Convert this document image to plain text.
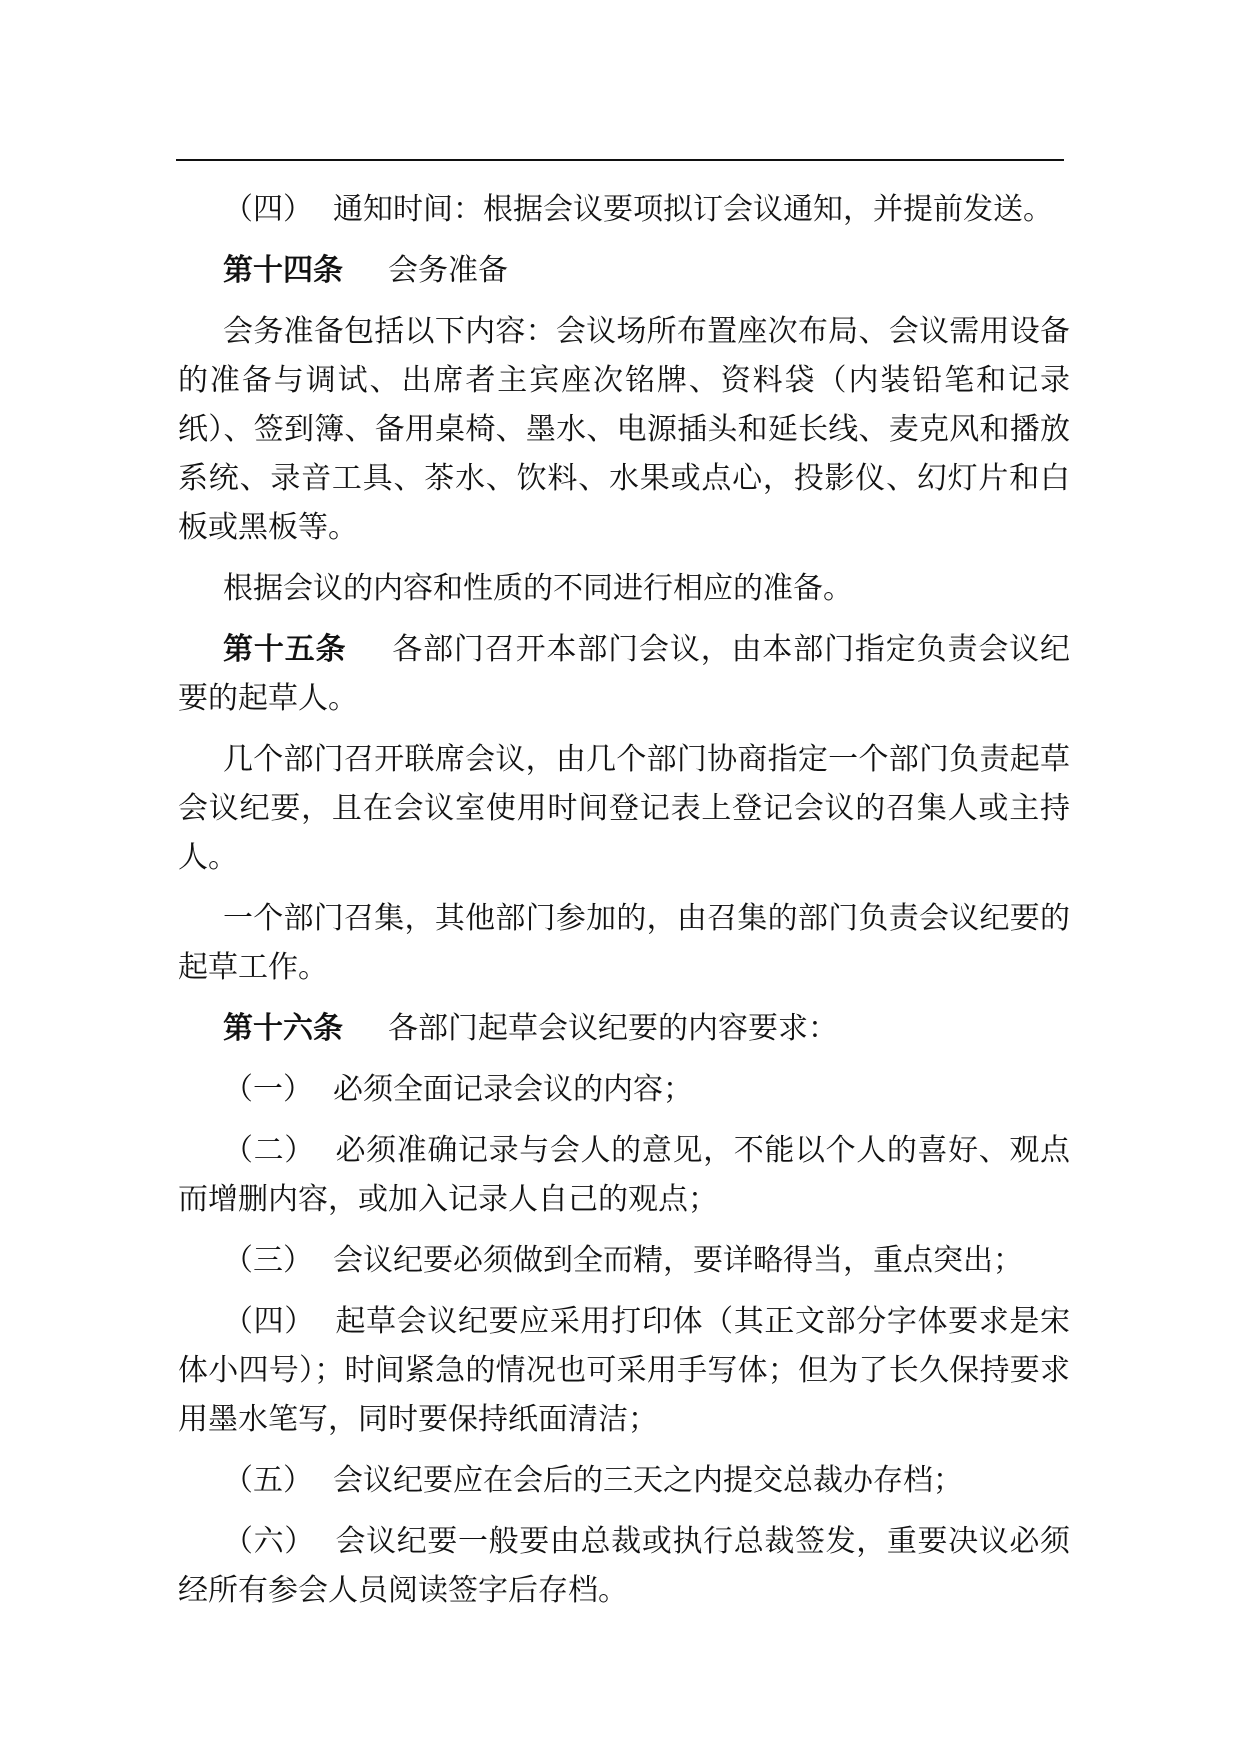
（四） 通知时间：根据会议要项拟订会议通知，并提前发送。

第十四条 会务准备

会务准备包括以下内容：会议场所布置座次布局、会议需用设备的准备与调试、出席者主宾座次铭牌、资料袋（内装铅笔和记录纸）、签到簿、备用桌椅、墨水、电源插头和延长线、麦克风和播放系统、录音工具、茶水、饮料、水果或点心，投影仪、幻灯片和白板或黑板等。

根据会议的内容和性质的不同进行相应的准备。

第十五条 各部门召开本部门会议，由本部门指定负责会议纪要的起草人。

几个部门召开联席会议，由几个部门协商指定一个部门负责起草会议纪要，且在会议室使用时间登记表上登记会议的召集人或主持人。

一个部门召集，其他部门参加的，由召集的部门负责会议纪要的起草工作。

第十六条 各部门起草会议纪要的内容要求：

（一） 必须全面记录会议的内容；

（二） 必须准确记录与会人的意见，不能以个人的喜好、观点而增删内容，或加入记录人自己的观点；

（三） 会议纪要必须做到全而精，要详略得当，重点突出；

（四） 起草会议纪要应采用打印体（其正文部分字体要求是宋体小四号）；时间紧急的情况也可采用手写体；但为了长久保持要求用墨水笔写，同时要保持纸面清洁；

（五） 会议纪要应在会后的三天之内提交总裁办存档；

（六） 会议纪要一般要由总裁或执行总裁签发，重要决议必须经所有参会人员阅读签字后存档。
